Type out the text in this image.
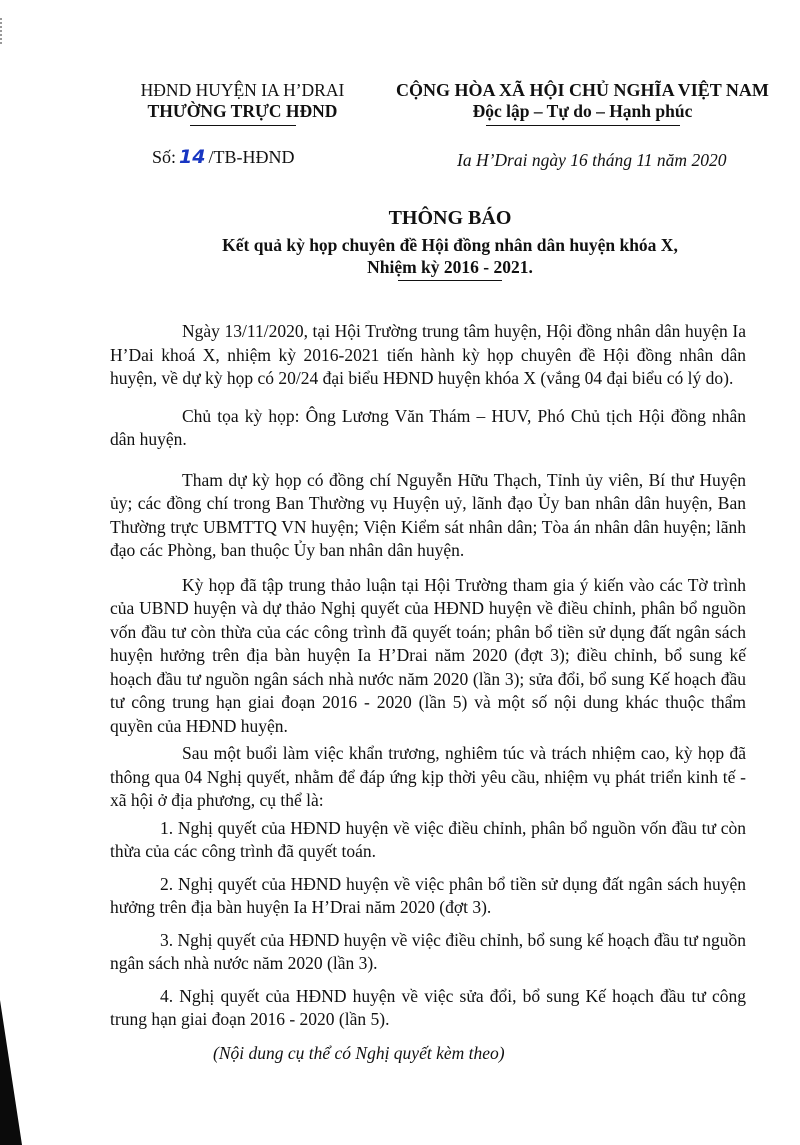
HĐND HUYỆN IA H’DRAI
THƯỜNG TRỰC HĐND
CỘNG HÒA XÃ HỘI CHỦ NGHĨA VIỆT NAM
Độc lập – Tự do – Hạnh phúc
Số: 14 /TB-HĐND	Ia H’Drai ngày 16 tháng 11 năm 2020
THÔNG BÁO
Kết quả kỳ họp chuyên đề Hội đồng nhân dân huyện khóa X,
Nhiệm kỳ 2016 - 2021.

Ngày 13/11/2020, tại Hội Trường trung tâm huyện, Hội đồng nhân dân huyện Ia H’Dai khoá X, nhiệm kỳ 2016-2021 tiến hành kỳ họp chuyên đề Hội đồng nhân dân huyện, về dự kỳ họp có 20/24 đại biểu HĐND huyện khóa X (vắng 04 đại biểu có lý do).

Chủ tọa kỳ họp: Ông Lương Văn Thám – HUV, Phó Chủ tịch Hội đồng nhân dân huyện.

Tham dự kỳ họp có đồng chí Nguyễn Hữu Thạch, Tỉnh ủy viên, Bí thư Huyện ủy; các đồng chí trong Ban Thường vụ Huyện uỷ, lãnh đạo Ủy ban nhân dân huyện, Ban Thường trực UBMTTQ VN huyện; Viện Kiểm sát nhân dân; Tòa án nhân dân huyện; lãnh đạo các Phòng, ban thuộc Ủy ban nhân dân huyện.

Kỳ họp đã tập trung thảo luận tại Hội Trường tham gia ý kiến vào các Tờ trình của UBND huyện và dự thảo Nghị quyết của HĐND huyện về điều chỉnh, phân bổ nguồn vốn đầu tư còn thừa của các công trình đã quyết toán; phân bổ tiền sử dụng đất ngân sách huyện hưởng trên địa bàn huyện Ia H’Drai năm 2020 (đợt 3); điều chỉnh, bổ sung kế hoạch đầu tư nguồn ngân sách nhà nước năm 2020 (lần 3); sửa đổi, bổ sung Kế hoạch đầu tư công trung hạn giai đoạn 2016 - 2020 (lần 5) và một số nội dung khác thuộc thẩm quyền của HĐND huyện.

Sau một buổi làm việc khẩn trương, nghiêm túc và trách nhiệm cao, kỳ họp đã thông qua 04 Nghị quyết, nhằm để đáp ứng kịp thời yêu cầu, nhiệm vụ phát triển kinh tế - xã hội ở địa phương, cụ thể là:

1. Nghị quyết của HĐND huyện về việc điều chỉnh, phân bổ nguồn vốn đầu tư còn thừa của các công trình đã quyết toán.

2. Nghị quyết của HĐND huyện về việc phân bổ tiền sử dụng đất ngân sách huyện hưởng trên địa bàn huyện Ia H’Drai năm 2020 (đợt 3).

3. Nghị quyết của HĐND huyện về việc điều chỉnh, bổ sung kế hoạch đầu tư nguồn ngân sách nhà nước năm 2020 (lần 3).

4. Nghị quyết của HĐND huyện về việc sửa đổi, bổ sung Kế hoạch đầu tư công trung hạn giai đoạn 2016 - 2020 (lần 5).

(Nội dung cụ thể có Nghị quyết kèm theo)
